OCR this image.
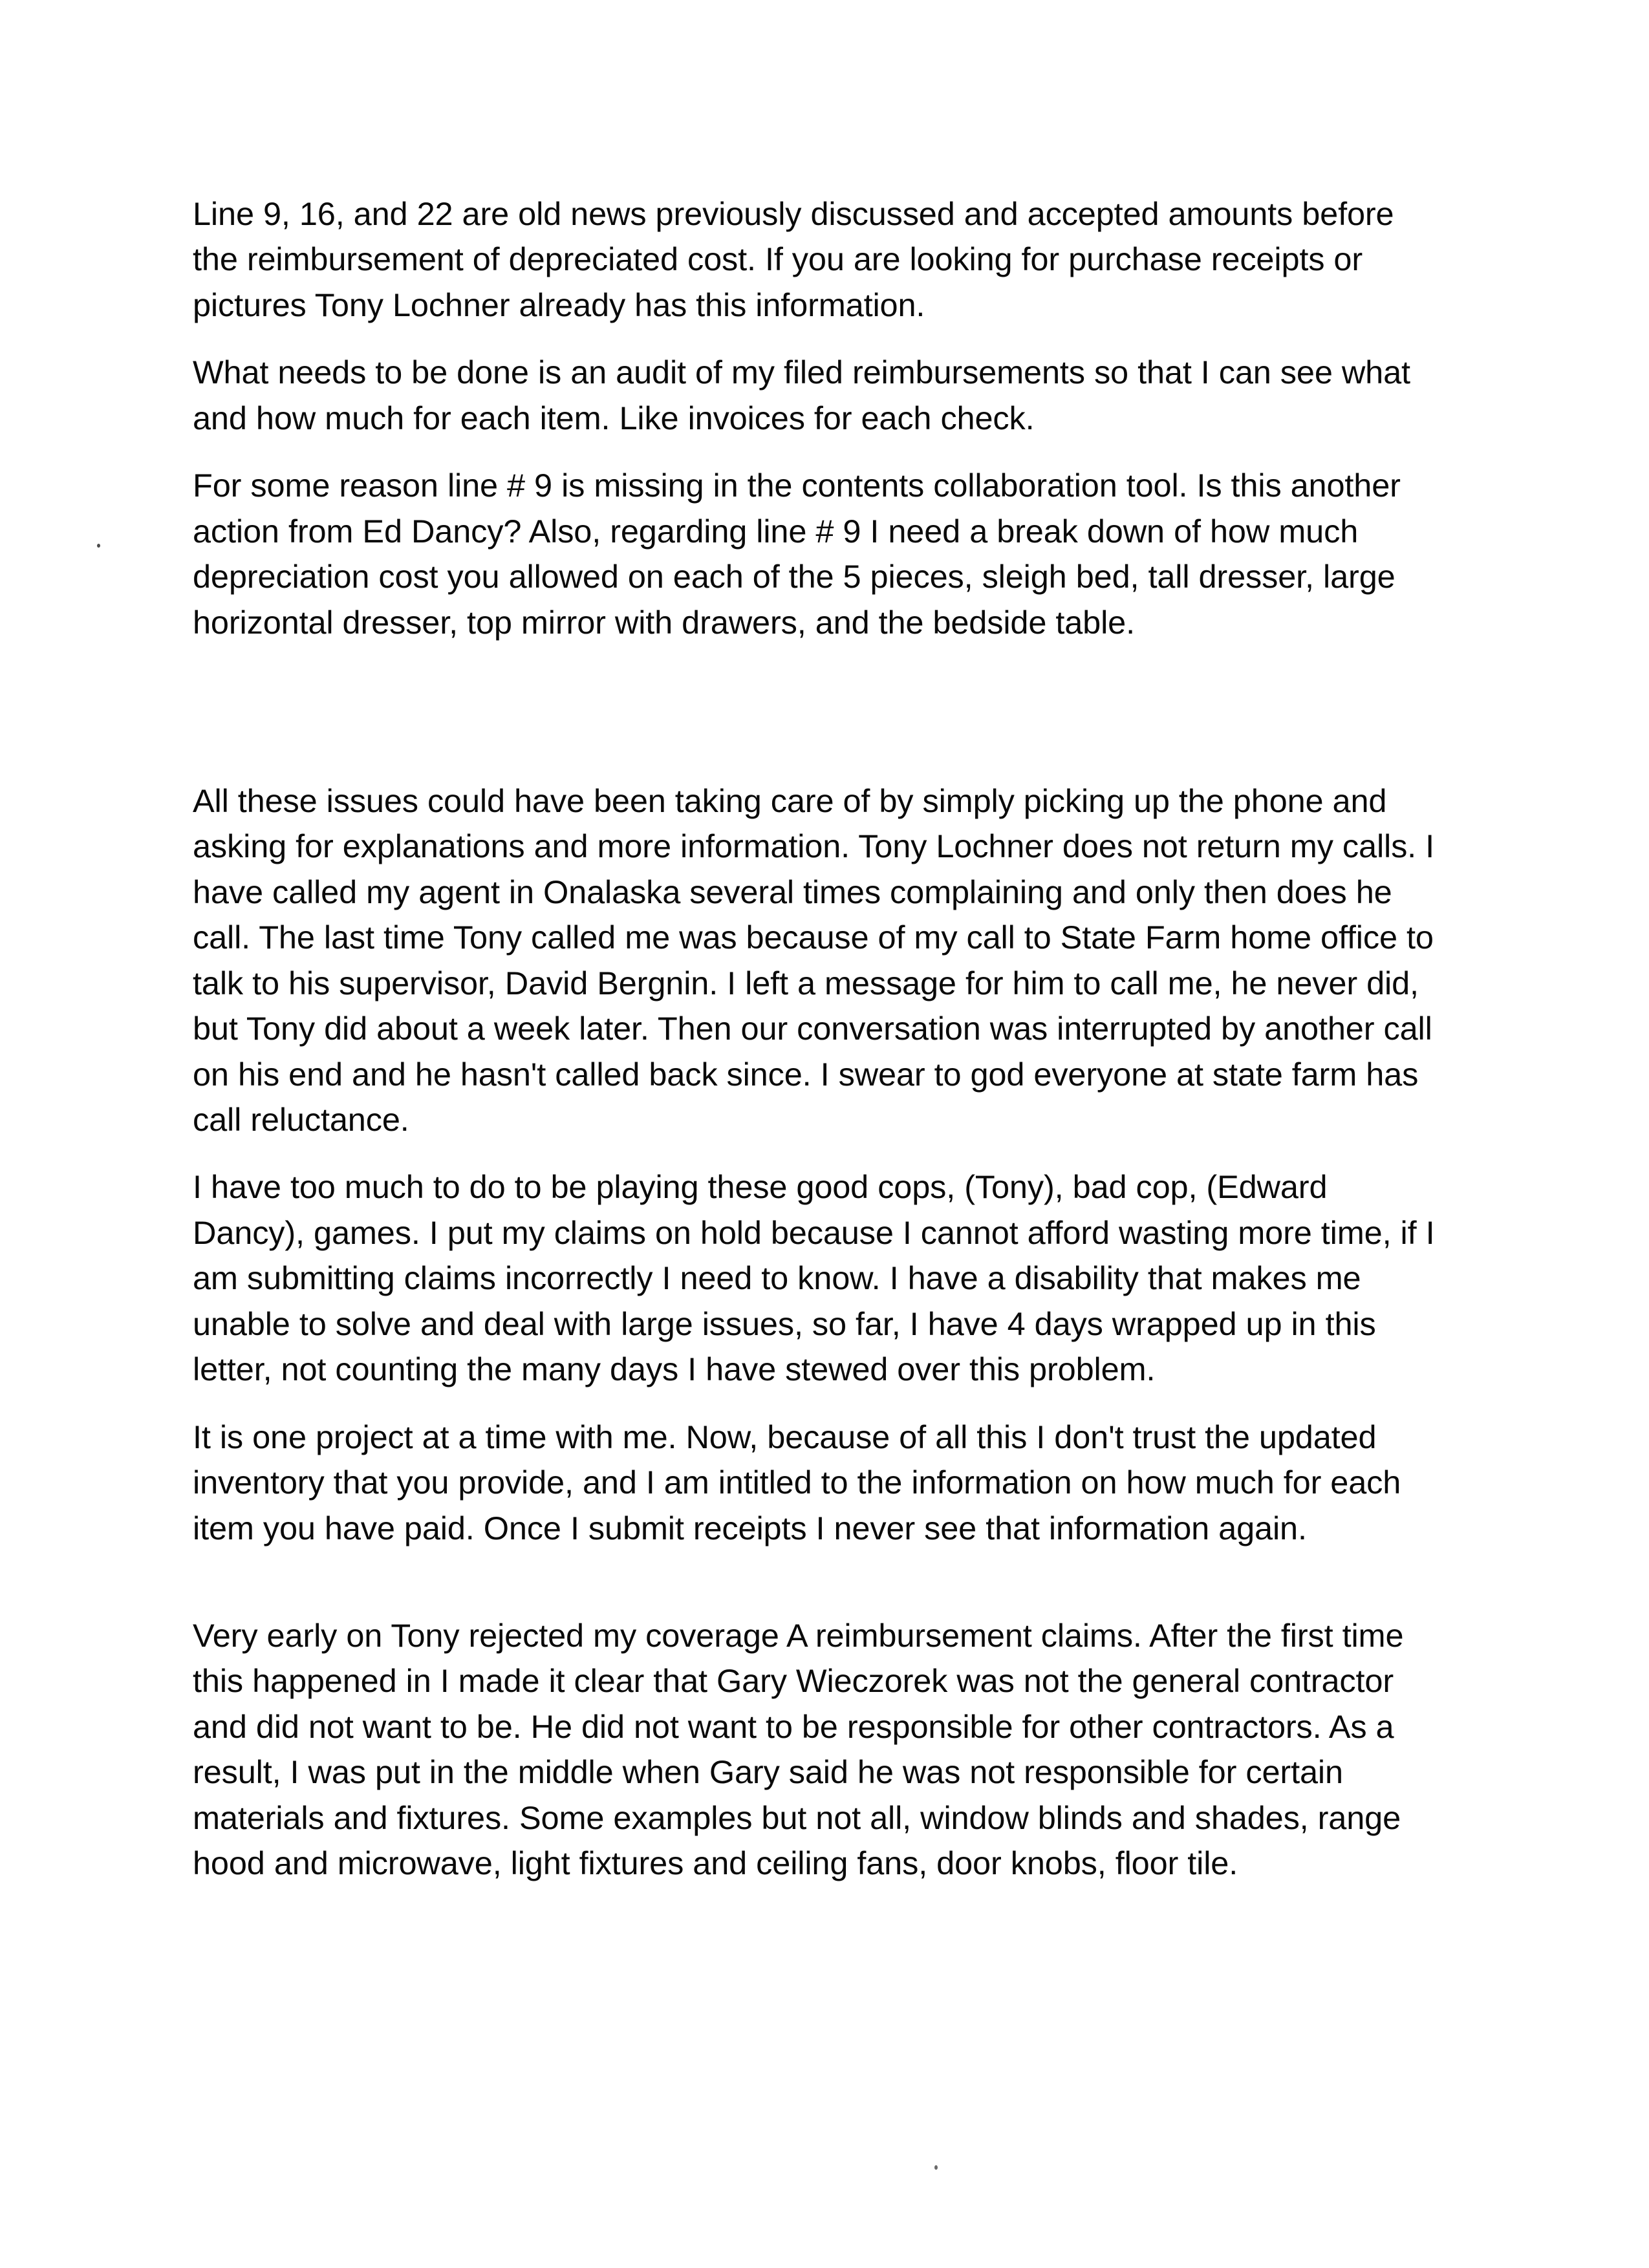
Line 9, 16, and 22 are old news previously discussed and accepted amounts before the reimbursement of depreciated cost. If you are looking for purchase receipts or pictures Tony Lochner already has this information.

What needs to be done is an audit of my filed reimbursements so that I can see what and how much for each item. Like invoices for each check.

For some reason line # 9 is missing in the contents collaboration tool. Is this another action from Ed Dancy? Also, regarding line # 9 I need a break down of how much depreciation cost you allowed on each of the 5 pieces, sleigh bed, tall dresser, large horizontal dresser, top mirror with drawers, and the bedside table.

All these issues could have been taking care of by simply picking up the phone and asking for explanations and more information. Tony Lochner does not return my calls. I have called my agent in Onalaska several times complaining and only then does he call. The last time Tony called me was because of my call to State Farm home office to talk to his supervisor, David Bergnin. I left a message for him to call me, he never did, but Tony did about a week later. Then our conversation was interrupted by another call on his end and he hasn't called back since. I swear to god everyone at state farm has call reluctance.

I have too much to do to be playing these good cops, (Tony), bad cop, (Edward Dancy), games. I put my claims on hold because I cannot afford wasting more time, if I am submitting claims incorrectly I need to know. I have a disability that makes me unable to solve and deal with large issues, so far, I have 4 days wrapped up in this letter, not counting the many days I have stewed over this problem.

It is one project at a time with me. Now, because of all this I don't trust the updated inventory that you provide, and I am intitled to the information on how much for each item you have paid. Once I submit receipts I never see that information again.

Very early on Tony rejected my coverage A reimbursement claims. After the first time this happened in I made it clear that Gary Wieczorek was not the general contractor and did not want to be. He did not want to be responsible for other contractors. As a result, I was put in the middle when Gary said he was not responsible for certain materials and fixtures. Some examples but not all, window blinds and shades, range hood and microwave, light fixtures and ceiling fans, door knobs, floor tile.
